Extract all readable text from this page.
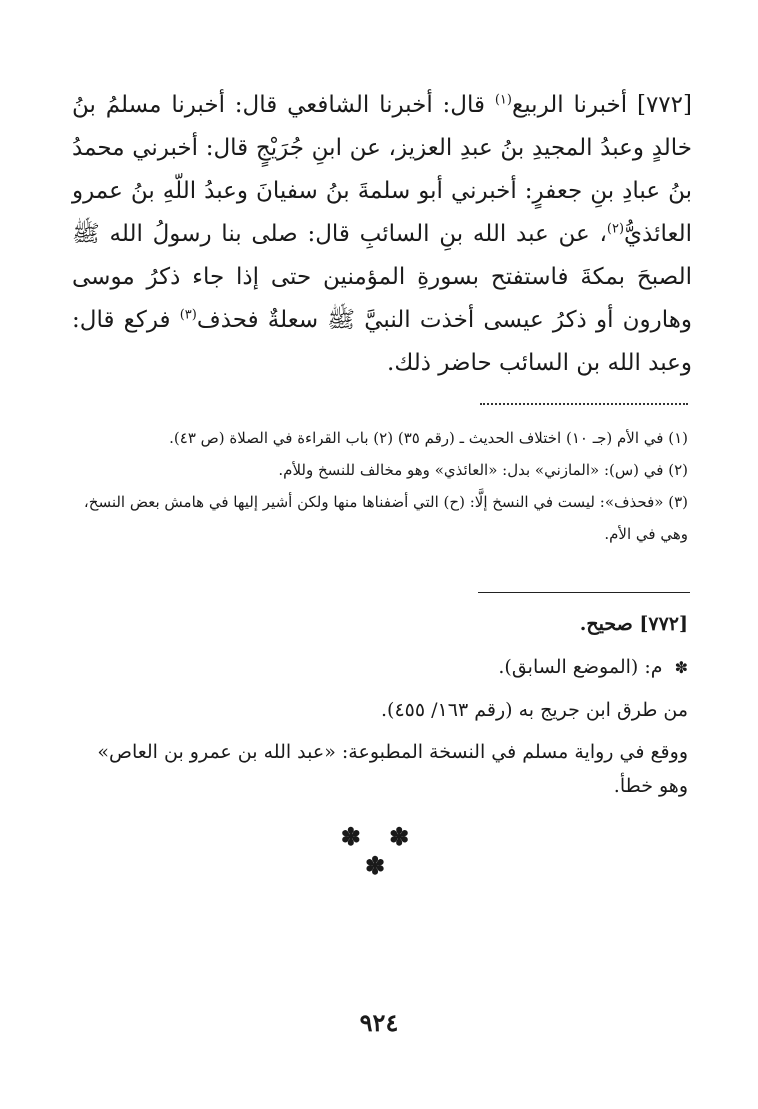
[٧٧٢] أخبرنا الربيع$^{(١)}$ قال: أخبرنا الشافعي قال: أخبرنا مسلمُ بنُ خالدٍ وعبدُ المجيدِ بنُ عبدِ العزيز، عن ابنِ جُرَيْجٍ قال: أخبرني محمدُ بنُ عبادِ بنِ جعفرٍ: أخبرني أبو سلمةَ بنُ سفيانَ وعبدُ اللّهِ بنُ عمرو العائذيُّ$^{(٢)}$، عن عبد الله بنِ السائبِ قال: صلى بنا رسولُ الله ﷺ الصبحَ بمكةَ فاستفتح بسورةِ المؤمنين حتى إذا جاء ذكرُ موسى وهارون أو ذكرُ عيسى أخذت النبيَّ ﷺ سعلةٌ فحذف$^{(٣)}$ فركع قال: وعبد الله بن السائب حاضر ذلك.

(١) في الأم (جـ ١٠) اختلاف الحديث ـ (رقم ٣٥) (٢) باب القراءة في الصلاة (ص ٤٣).

(٢) في (س): «المازني» بدل: «العائذي» وهو مخالف للنسخ وللأم.

(٣) «فحذف»: ليست في النسخ إلَّا: (ح) التي أضفناها منها ولكن أشير إليها في هامش بعض النسخ، وهي في الأم.

[٧٧٢] صحيح.

✽ م: (الموضع السابق).

من طرق ابن جريج به (رقم ١٦٣/ ٤٥٥).

ووقع في رواية مسلم في النسخة المطبوعة: «عبد الله بن عمرو بن العاص» وهو خطأ.

✽ ✽ ✽
٩٢٤
